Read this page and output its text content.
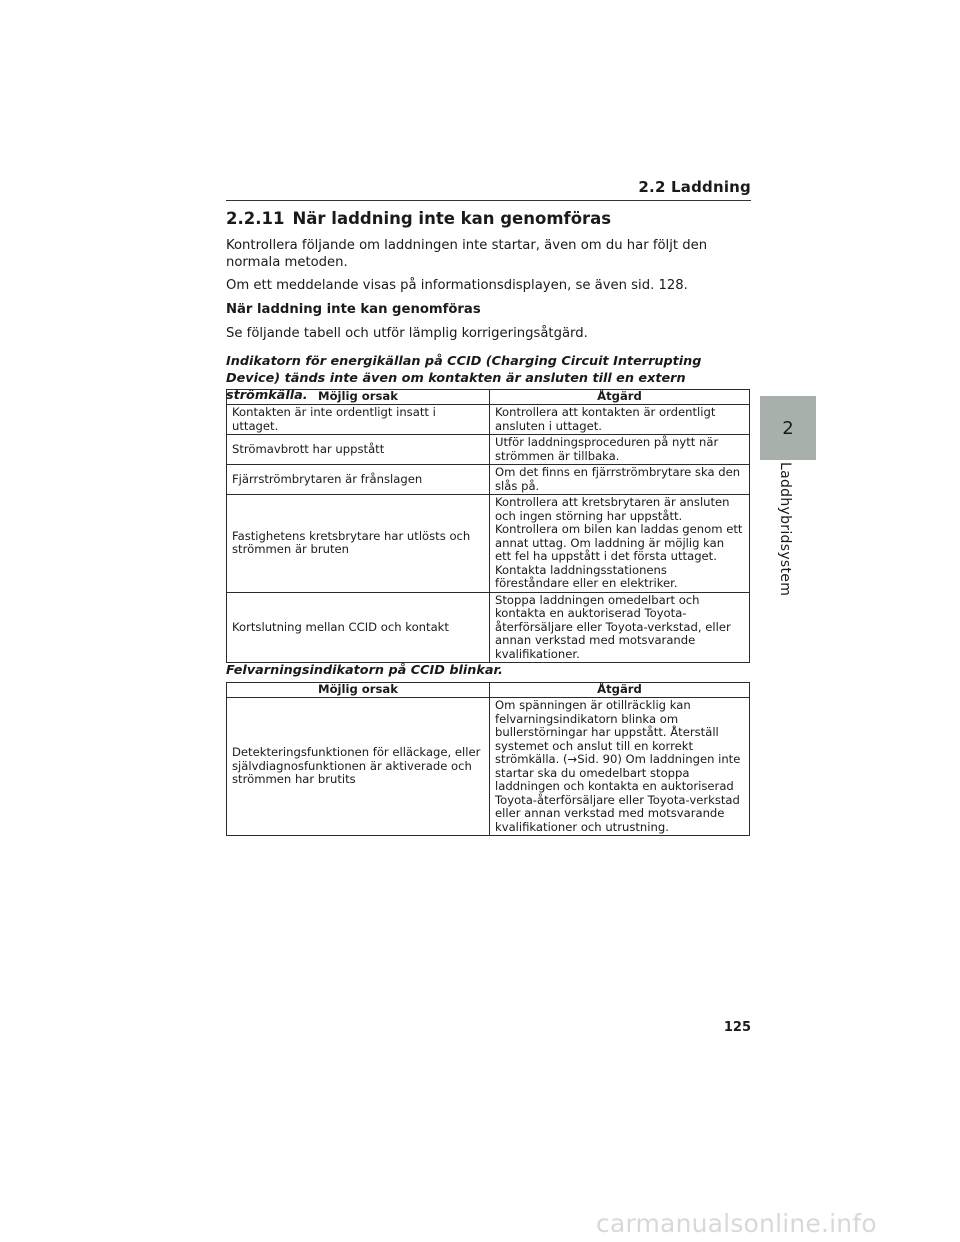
2.2 Laddning
2.2.11 När laddning inte kan genomföras

Kontrollera följande om laddningen inte startar, även om du har följt den normala metoden.

Om ett meddelande visas på informationsdisplayen, se även sid. 128.

När laddning inte kan genomföras

Se följande tabell och utför lämplig korrigeringsåtgärd.

Indikatorn för energikällan på CCID (Charging Circuit Interrupting Device) tänds inte även om kontakten är ansluten till en extern strömkälla. Möjlig orsak	Åtgärd
Kontakten är inte ordentligt insatt i uttaget.	Kontrollera att kontakten är ordentligt ansluten i uttaget.
Strömavbrott har uppstått	Utför laddningsproceduren på nytt när strömmen är tillbaka.
Fjärrströmbrytaren är frånslagen	Om det finns en fjärrströmbrytare ska den slås på.
Fastighetens kretsbrytare har utlösts och strömmen är bruten	Kontrollera att kretsbrytaren är ansluten och ingen störning har uppstått. Kontrollera om bilen kan laddas genom ett annat uttag. Om laddning är möjlig kan ett fel ha uppstått i det första uttaget. Kontakta laddningsstationens föreståndare eller en elektriker.
Kortslutning mellan CCID och kontakt	Stoppa laddningen omedelbart och kontakta en auktoriserad Toyota-återförsäljare eller Toyota-verkstad, eller annan verkstad med motsvarande kvalifikationer.

Felvarningsindikatorn på CCID blinkar.

Möjlig orsak	Åtgärd
Detekteringsfunktionen för elläckage, eller självdiagnosfunktionen är aktiverade och strömmen har brutits	Om spänningen är otillräcklig kan felvarningsindikatorn blinka om bullerstörningar har uppstått. Återställ systemet och anslut till en korrekt strömkälla. (→Sid. 90) Om laddningen inte startar ska du omedelbart stoppa laddningen och kontakta en auktoriserad Toyota-återförsäljare eller Toyota-verkstad eller annan verkstad med motsvarande kvalifikationer och utrustning.
2
Laddhybridsystem
125
carmanualsonline.info
